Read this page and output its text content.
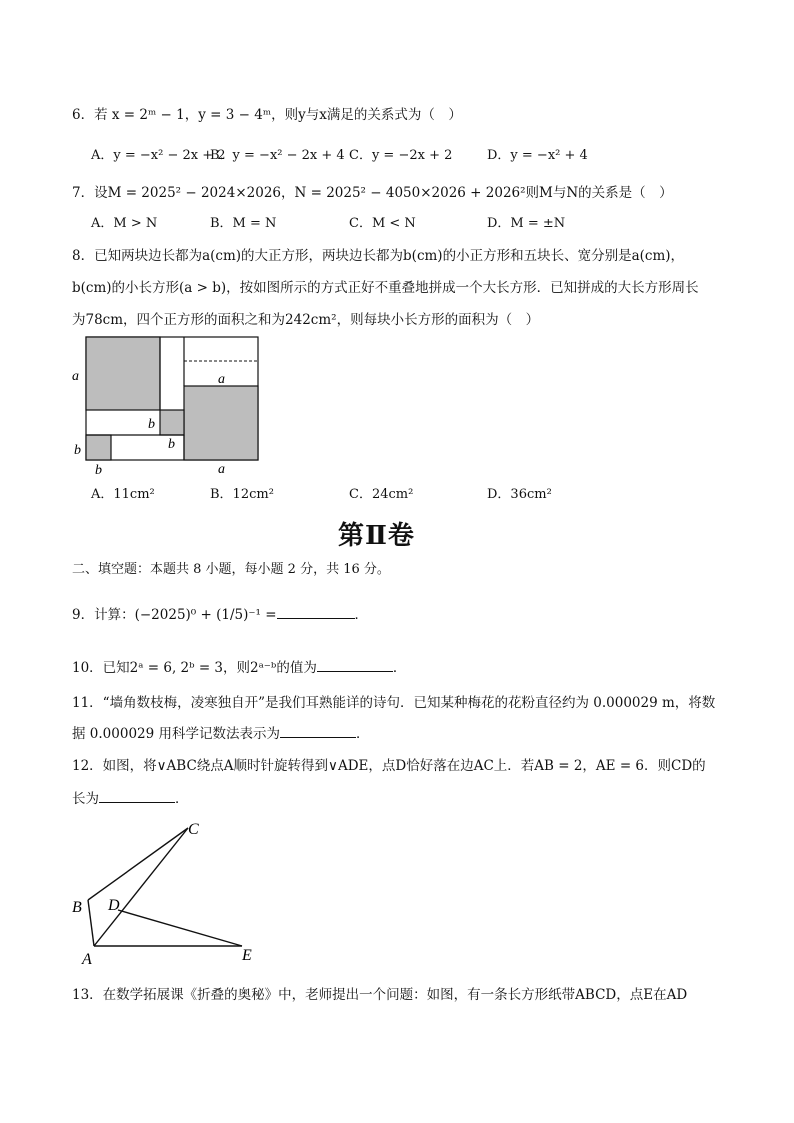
6．若 x = 2ᵐ − 1，y = 3 − 4ᵐ，则y与x满足的关系式为（　）
A．y = −x² − 2x + 2
B．y = −x² − 2x + 4 C．y = −2x + 2	D．y = −x² + 4
7．设M = 2025² − 2024×2026，N = 2025² − 4050×2026 + 2026²则M与N的关系是（　）
A．M > N	B．M = N	C．M < N	D．M = ±N
8．已知两块边长都为a(cm)的大正方形，两块边长都为b(cm)的小正方形和五块长、宽分别是a(cm)，
b(cm)的小长方形(a > b)，按如图所示的方式正好不重叠地拼成一个大长方形．已知拼成的大长方形周长
为78cm，四个正方形的面积之和为242cm²，则每块小长方形的面积为（　）
a	a
a
b
b
b
b
A．11cm²	B．12cm²	C．24cm²	D．36cm²
第Ⅱ卷
二、填空题：本题共 8 小题，每小题 2 分，共 16 分。
9．计算：(−2025)⁰ + (1/5)⁻¹ =	．
10．已知2ᵃ = 6, 2ᵇ = 3，则2ᵃ⁻ᵇ的值为	．
11．“墙角数枝梅，凌寒独自开”是我们耳熟能详的诗句．已知某种梅花的花粉直径约为 0.000029 m，将数
据 0.000029 用科学记数法表示为	．
12．如图，将∨ABC绕点A顺时针旋转得到∨ADE，点D恰好落在边AC上．若AB = 2，AE = 6．则CD的
长为	．
A
B
C
D
E
13．在数学拓展课《折叠的奥秘》中，老师提出一个问题：如图，有一条长方形纸带ABCD，点E在AD
